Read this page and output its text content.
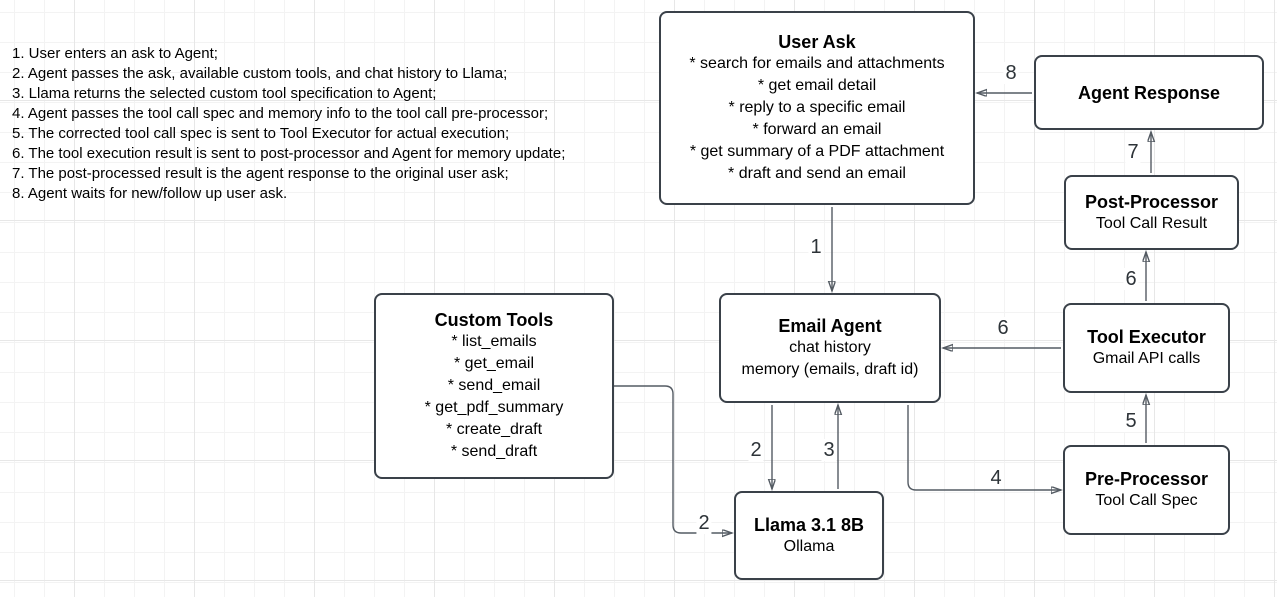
1. User enters an ask to Agent;
2. Agent passes the ask, available custom tools, and chat history to Llama;
3. Llama returns the selected custom tool specification to Agent;
4. Agent passes the tool call spec and memory info to the tool call pre-processor;
5. The corrected tool call spec is sent to Tool Executor for actual execution;
6. The tool execution result is sent to post-processor and Agent for memory update;
7. The post-processed result is the agent response to the original user ask;
8. Agent waits for new/follow up user ask.
1
2	3
2
4
5
6
6
7
8
User Ask
* search for emails and attachments
* get email detail
* reply to a specific email
* forward an email
* get summary of a PDF attachment
* draft and send an email
Agent Response
Post-Processor
Tool Call Result
Tool Executor
Gmail API calls
Pre-Processor
Tool Call Spec
Email Agent
chat history
memory (emails, draft id)
Custom Tools
* list_emails
* get_email
* send_email
* get_pdf_summary
* create_draft
* send_draft
Llama 3.1 8B
Ollama
